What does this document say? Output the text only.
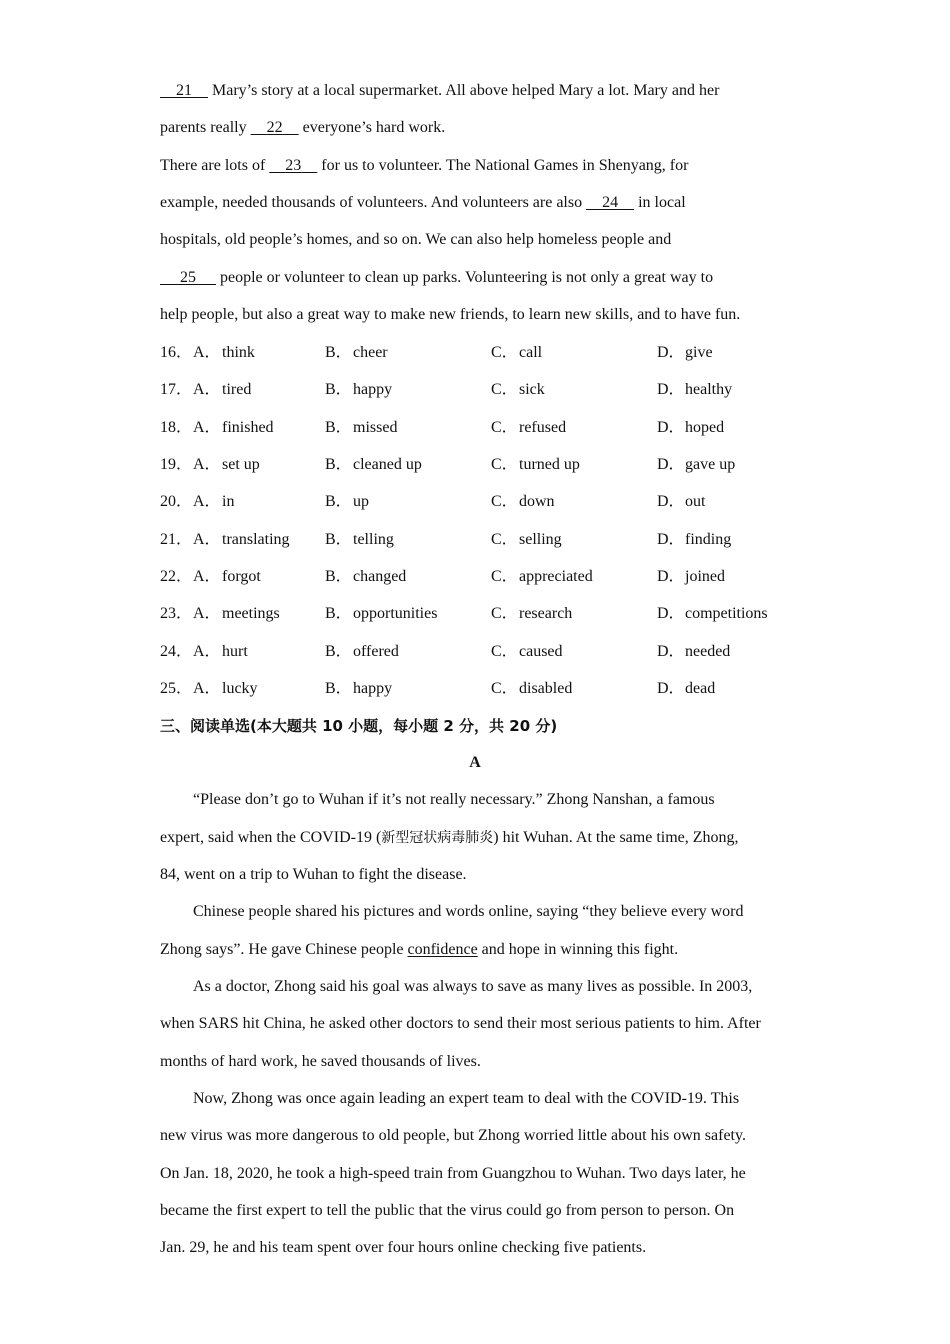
21     Mary’s story at a local supermarket. All above helped Mary a lot. Mary and her
parents really     22     everyone’s hard work.
There are lots of     23     for us to volunteer. The National Games in Shenyang, for
example, needed thousands of volunteers. And volunteers are also     24     in local
hospitals, old people’s homes, and so on. We can also help homeless people and
25      people or volunteer to clean up parks. Volunteering is not only a great way to
help people, but also a great way to make new friends, to learn new skills, and to have fun.
16． A．think	B．cheer	C．call	D．give
17． A．tired	B．happy	C．sick	D．healthy
18． A．finished	B．missed	C．refused	D．hoped
19． A．set up	B．cleaned up	C．turned up	D．gave up
20． A．in	B．up	C．down	D．out
21． A．translating B．telling	C．selling	D．finding
22． A．forgot	B．changed	C．appreciated	D．joined
23． A．meetings	B．opportunities	C．research	D．competitions
24． A．hurt	B．offered	C．caused	D．needed
25． A．lucky	B．happy	C．disabled	D．dead
三、阅读单选(本大题共 10 小题，每小题 2 分，共 20 分)
A
“Please don’t go to Wuhan if it’s not really necessary.” Zhong Nanshan, a famous
expert, said when the COVID-19 (新型冠状病毒肺炎) hit Wuhan. At the same time, Zhong,
84, went on a trip to Wuhan to fight the disease.
Chinese people shared his pictures and words online, saying “they believe every word
Zhong says”. He gave Chinese people confidence and hope in winning this fight.
As a doctor, Zhong said his goal was always to save as many lives as possible. In 2003,
when SARS hit China, he asked other doctors to send their most serious patients to him. After
months of hard work, he saved thousands of lives.
Now, Zhong was once again leading an expert team to deal with the COVID-19. This
new virus was more dangerous to old people, but Zhong worried little about his own safety.
On Jan. 18, 2020, he took a high-speed train from Guangzhou to Wuhan. Two days later, he
became the first expert to tell the public that the virus could go from person to person. On
Jan. 29, he and his team spent over four hours online checking five patients.
